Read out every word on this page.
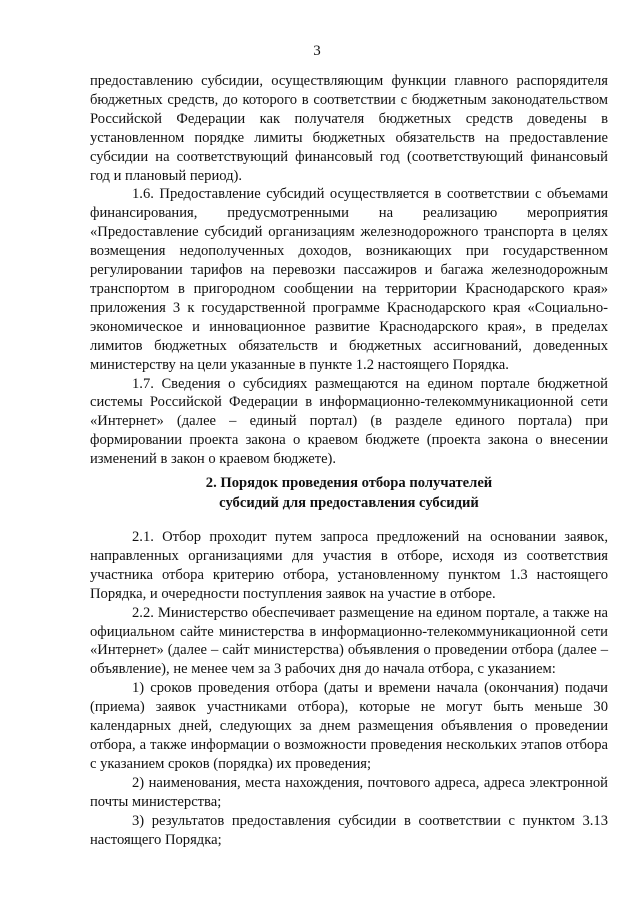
3

предоставлению субсидии, осуществляющим функции главного распорядителя бюджетных средств, до которого в соответствии с бюджетным законодательством Российской Федерации как получателя бюджетных средств доведены в установленном порядке лимиты бюджетных обязательств на предоставление субсидии на соответствующий финансовый год (соответствующий финансовый год и плановый период).

1.6. Предоставление субсидий осуществляется в соответствии с объемами финансирования, предусмотренными на реализацию мероприятия «Предоставление субсидий организациям железнодорожного транспорта в целях возмещения недополученных доходов, возникающих при государственном регулировании тарифов на перевозки пассажиров и багажа железнодорожным транспортом в пригородном сообщении на территории Краснодарского края» приложения 3 к государственной программе Краснодарского края «Социально-экономическое и инновационное развитие Краснодарского края», в пределах лимитов бюджетных обязательств и бюджетных ассигнований, доведенных министерству на цели указанные в пункте 1.2 настоящего Порядка.

1.7. Сведения о субсидиях размещаются на едином портале бюджетной системы Российской Федерации в информационно-телекоммуникационной сети «Интернет» (далее – единый портал) (в разделе единого портала) при формировании проекта закона о краевом бюджете (проекта закона о внесении изменений в закон о краевом бюджете).

2. Порядок проведения отбора получателей
субсидий для предоставления субсидий

2.1. Отбор проходит путем запроса предложений на основании заявок, направленных организациями для участия в отборе, исходя из соответствия участника отбора критерию отбора, установленному пунктом 1.3 настоящего Порядка, и очередности поступления заявок на участие в отборе.

2.2. Министерство обеспечивает размещение на едином портале, а также на официальном сайте министерства в информационно-телекоммуникационной сети «Интернет» (далее – сайт министерства) объявления о проведении отбора (далее – объявление), не менее чем за 3 рабочих дня до начала отбора, с указанием:

1) сроков проведения отбора (даты и времени начала (окончания) подачи (приема) заявок участниками отбора), которые не могут быть меньше 30 календарных дней, следующих за днем размещения объявления о проведении отбора, а также информации о возможности проведения нескольких этапов отбора с указанием сроков (порядка) их проведения;

2) наименования, места нахождения, почтового адреса, адреса электронной почты министерства;

3) результатов предоставления субсидии в соответствии с пунктом 3.13 настоящего Порядка;
